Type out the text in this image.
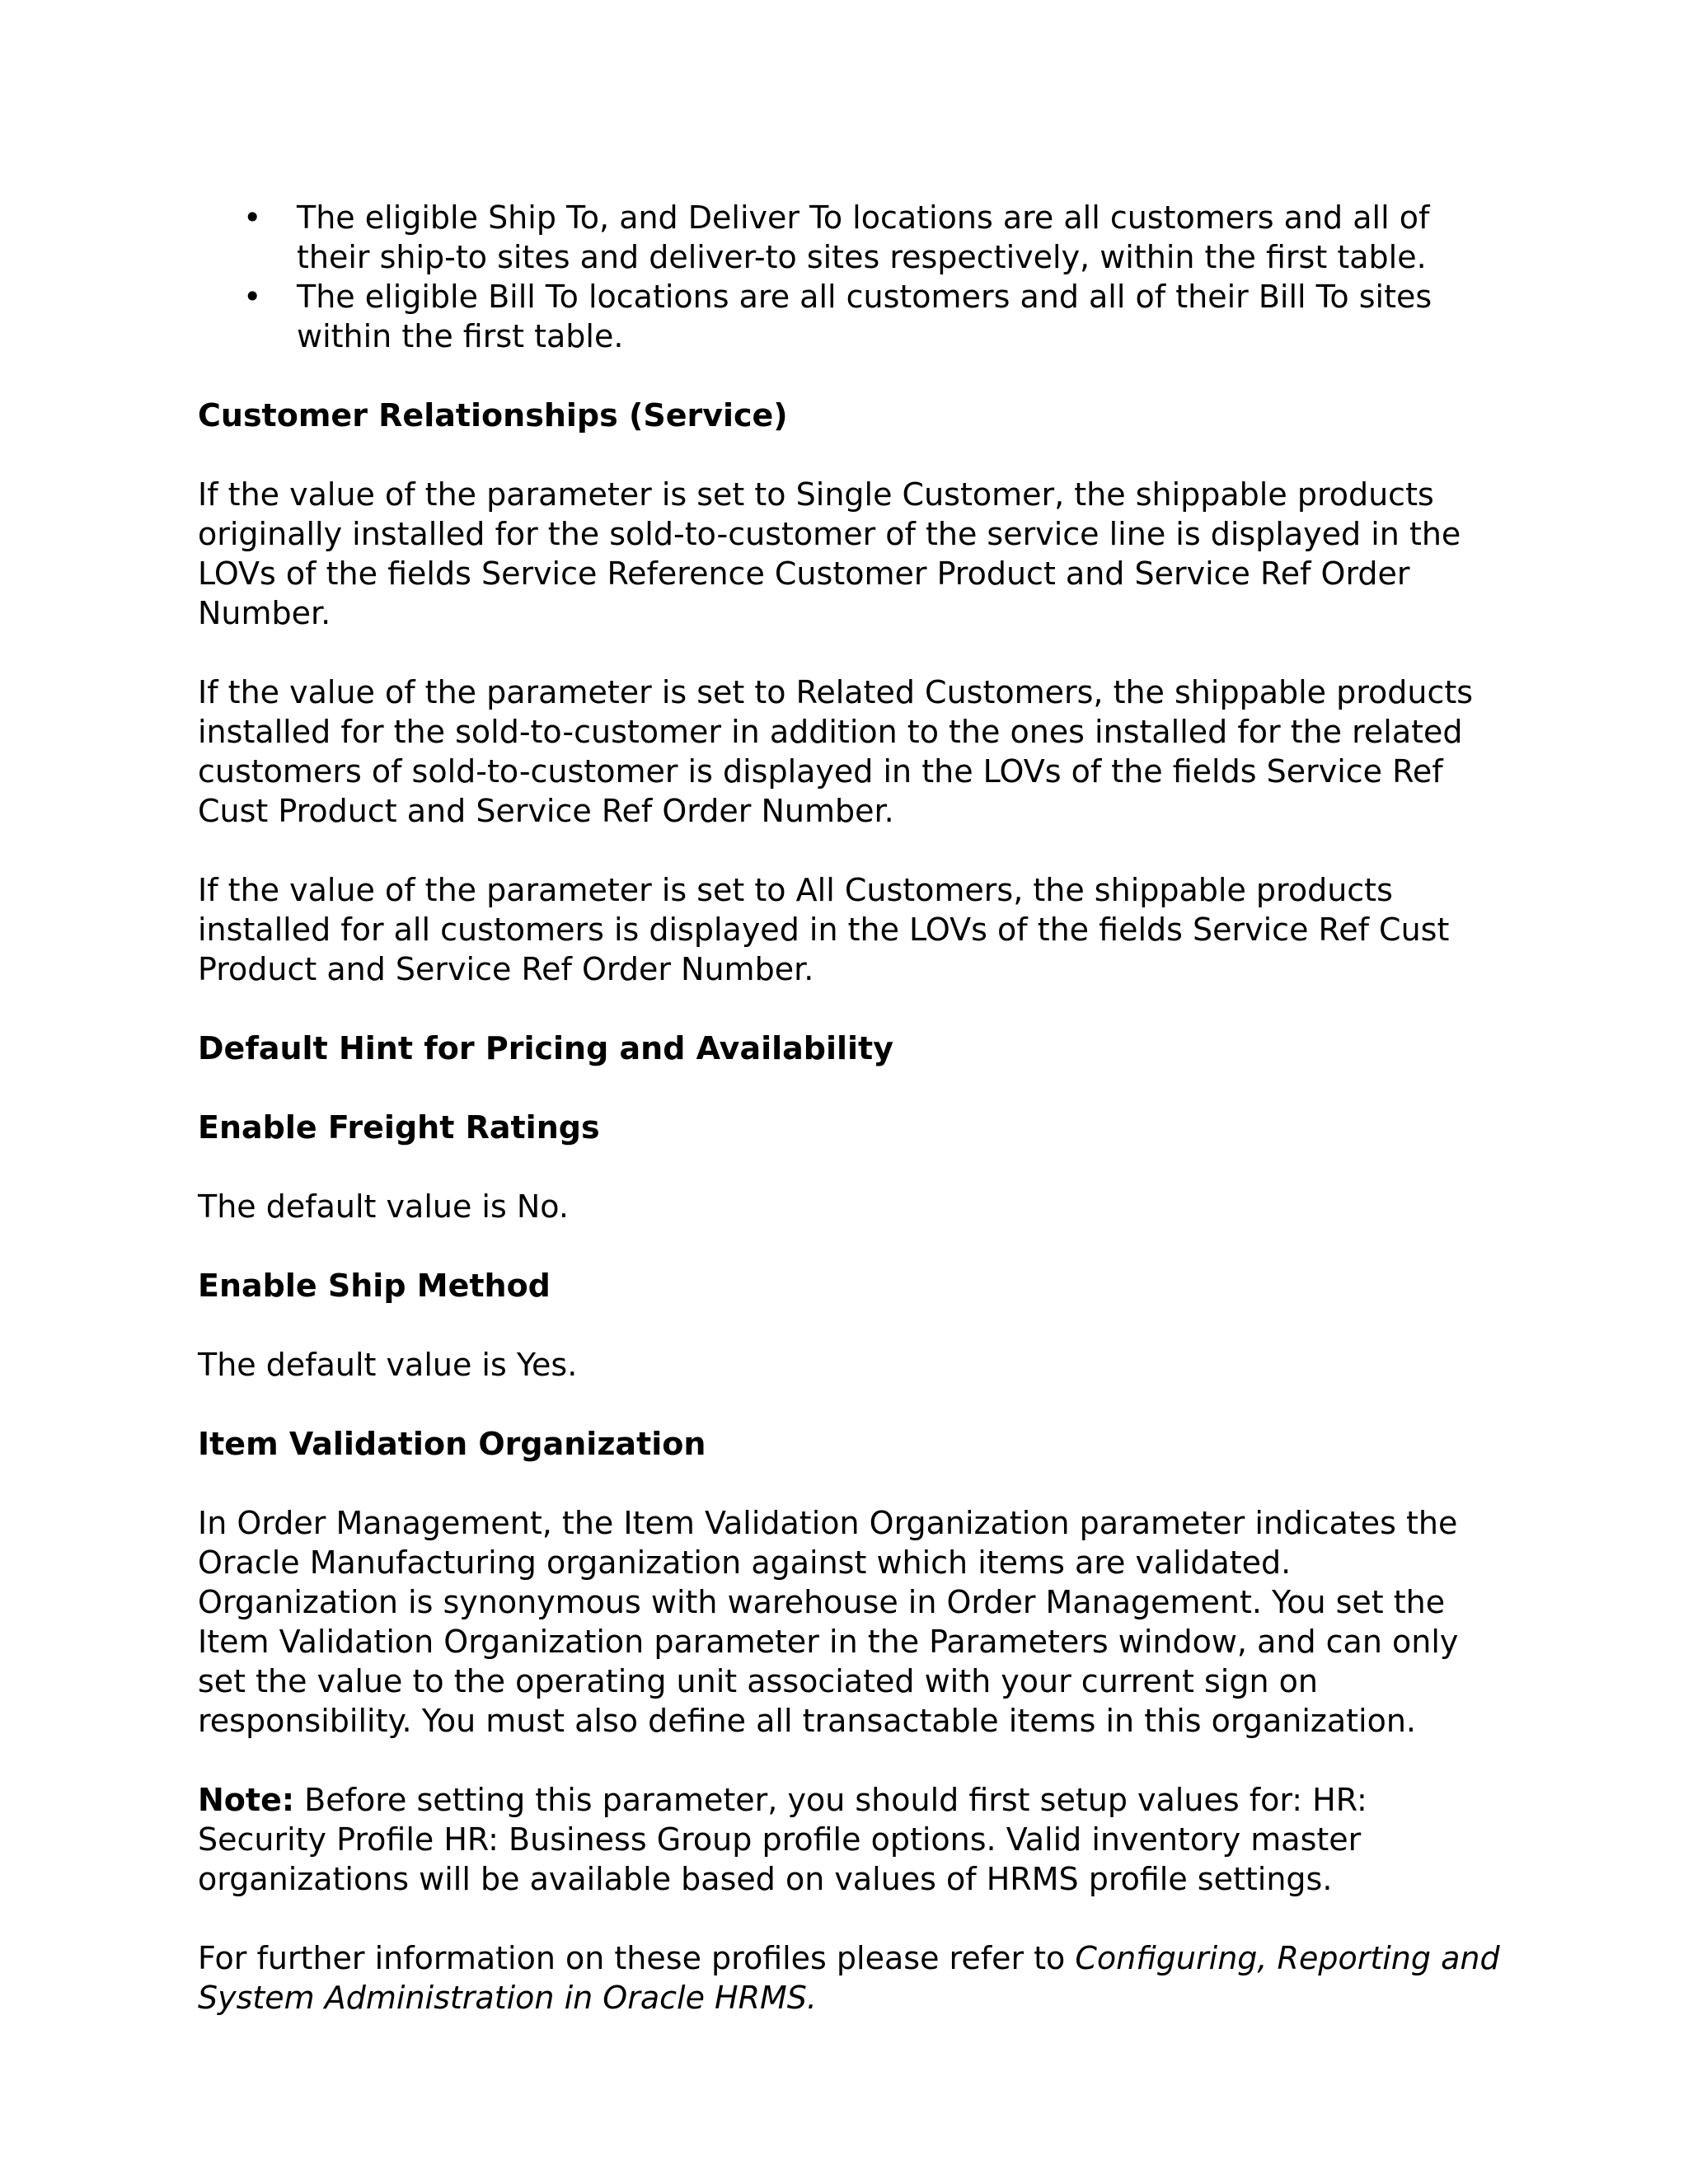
• The eligible Ship To, and Deliver To locations are all customers and all of their ship-to sites and deliver-to sites respectively, within the first table.
• The eligible Bill To locations are all customers and all of their Bill To sites within the first table.
Customer Relationships (Service)

If the value of the parameter is set to Single Customer, the shippable products originally installed for the sold-to-customer of the service line is displayed in the LOVs of the fields Service Reference Customer Product and Service Ref Order Number.

If the value of the parameter is set to Related Customers, the shippable products installed for the sold-to-customer in addition to the ones installed for the related customers of sold-to-customer is displayed in the LOVs of the fields Service Ref Cust Product and Service Ref Order Number.

If the value of the parameter is set to All Customers, the shippable products installed for all customers is displayed in the LOVs of the fields Service Ref Cust Product and Service Ref Order Number.

Default Hint for Pricing and Availability
Enable Freight Ratings

The default value is No.

Enable Ship Method

The default value is Yes.

Item Validation Organization

In Order Management, the Item Validation Organization parameter indicates the Oracle Manufacturing organization against which items are validated. Organization is synonymous with warehouse in Order Management. You set the Item Validation Organization parameter in the Parameters window, and can only set the value to the operating unit associated with your current sign on responsibility. You must also define all transactable items in this organization.

Note: Before setting this parameter, you should first setup values for: HR: Security Profile HR: Business Group profile options. Valid inventory master organizations will be available based on values of HRMS profile settings.

For further information on these profiles please refer to Configuring, Reporting and System Administration in Oracle HRMS.
